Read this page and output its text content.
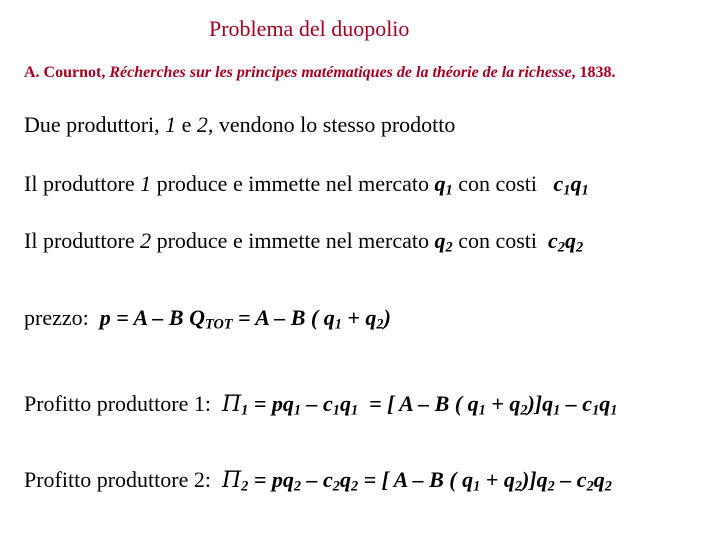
Problema del duopolio
A. Cournot, Récherches sur les principes matématiques de la théorie de la richesse, 1838.
Due produttori, 1 e 2, vendono lo stesso prodotto
Il produttore 1 produce e immette nel mercato $q_1$ con costi $c_1q_1$
Il produttore 2 produce e immette nel mercato $q_2$ con costi $c_2q_2$
prezzo: p = A – B $Q_{TOT} = A - B$ ( $q_1 + q_2$)
Profitto produttore 1: $\Pi_1 = pq_1 - c_1q_1$ = [ A – B ( $q_1 + q_2)]q_1 - c_1q_1$
Profitto produttore 2: $\Pi_2 = pq_2 - c_2q_2$ = [ A – B ( $q_1 + q_2)]q_2 - c_2q_2$
